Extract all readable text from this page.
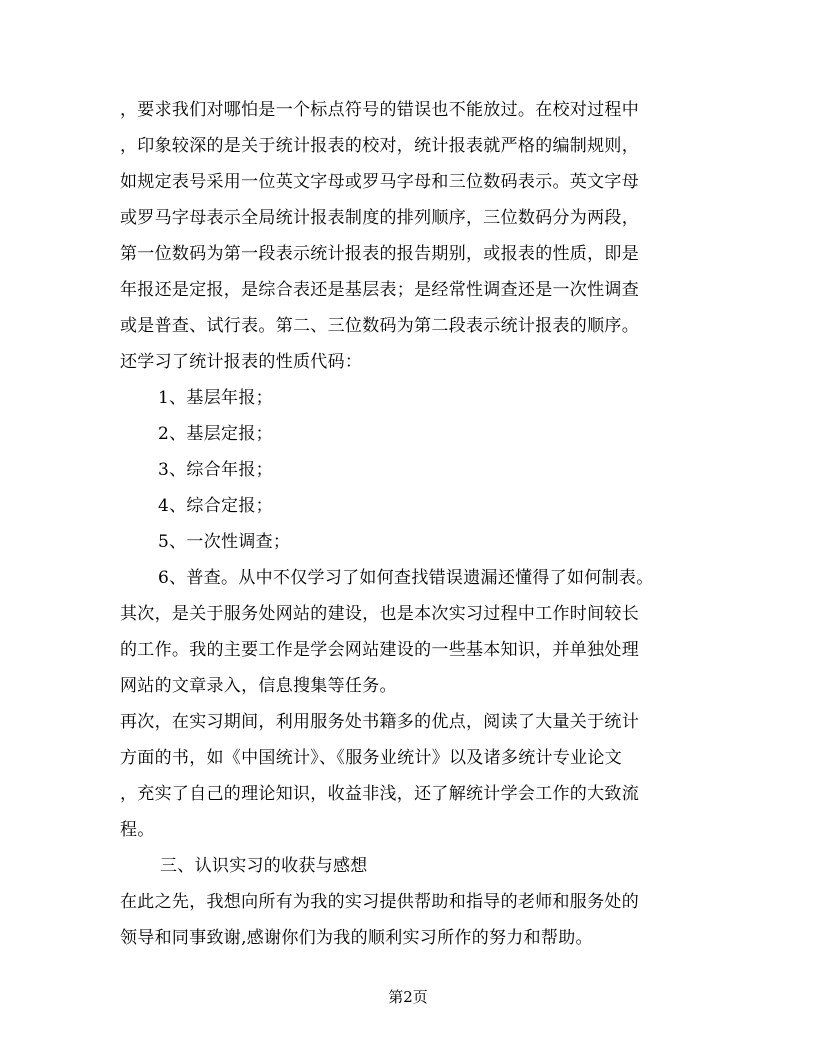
，要求我们对哪怕是一个标点符号的错误也不能放过。在校对过程中
，印象较深的是关于统计报表的校对，统计报表就严格的编制规则，
如规定表号采用一位英文字母或罗马字母和三位数码表示。英文字母
或罗马字母表示全局统计报表制度的排列顺序，三位数码分为两段，
第一位数码为第一段表示统计报表的报告期别，或报表的性质，即是
年报还是定报，是综合表还是基层表；是经常性调查还是一次性调查
或是普查、试行表。第二、三位数码为第二段表示统计报表的顺序。
还学习了统计报表的性质代码：
1、基层年报；
2、基层定报；
3、综合年报；
4、综合定报；
5、一次性调查；
6、普查。从中不仅学习了如何查找错误遗漏还懂得了如何制表。
其次，是关于服务处网站的建设，也是本次实习过程中工作时间较长
的工作。我的主要工作是学会网站建设的一些基本知识，并单独处理
网站的文章录入，信息搜集等任务。
再次，在实习期间，利用服务处书籍多的优点，阅读了大量关于统计
方面的书，如《中国统计》、《服务业统计》以及诸多统计专业论文
，充实了自己的理论知识，收益非浅，还了解统计学会工作的大致流
程。
三、认识实习的收获与感想
在此之先，我想向所有为我的实习提供帮助和指导的老师和服务处的
领导和同事致谢,感谢你们为我的顺利实习所作的努力和帮助。
第2页
